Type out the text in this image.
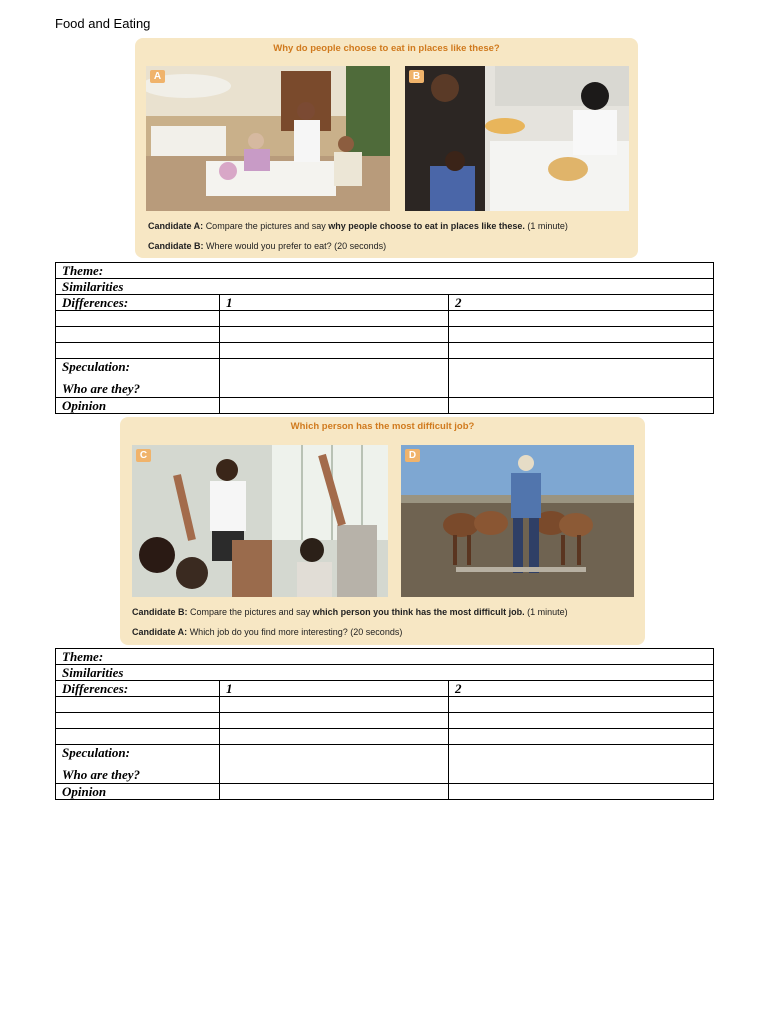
Food and Eating
Why do people choose to eat in places like these?
A	B
Candidate A: Compare the pictures and say why people choose to eat in places like these. (1 minute)
Candidate B: Where would you prefer to eat? (20 seconds)
Theme:		
Similarities		
Differences:	1	2

Speculation:
Who are they?		

Opinion		
Which person has the most difficult job?
C	D
Candidate B: Compare the pictures and say which person you think has the most difficult job. (1 minute)
Candidate A: Which job do you find more interesting? (20 seconds)
Theme:		
Similarities		
Differences:	1	2

Speculation:
Who are they?		

Opinion		
